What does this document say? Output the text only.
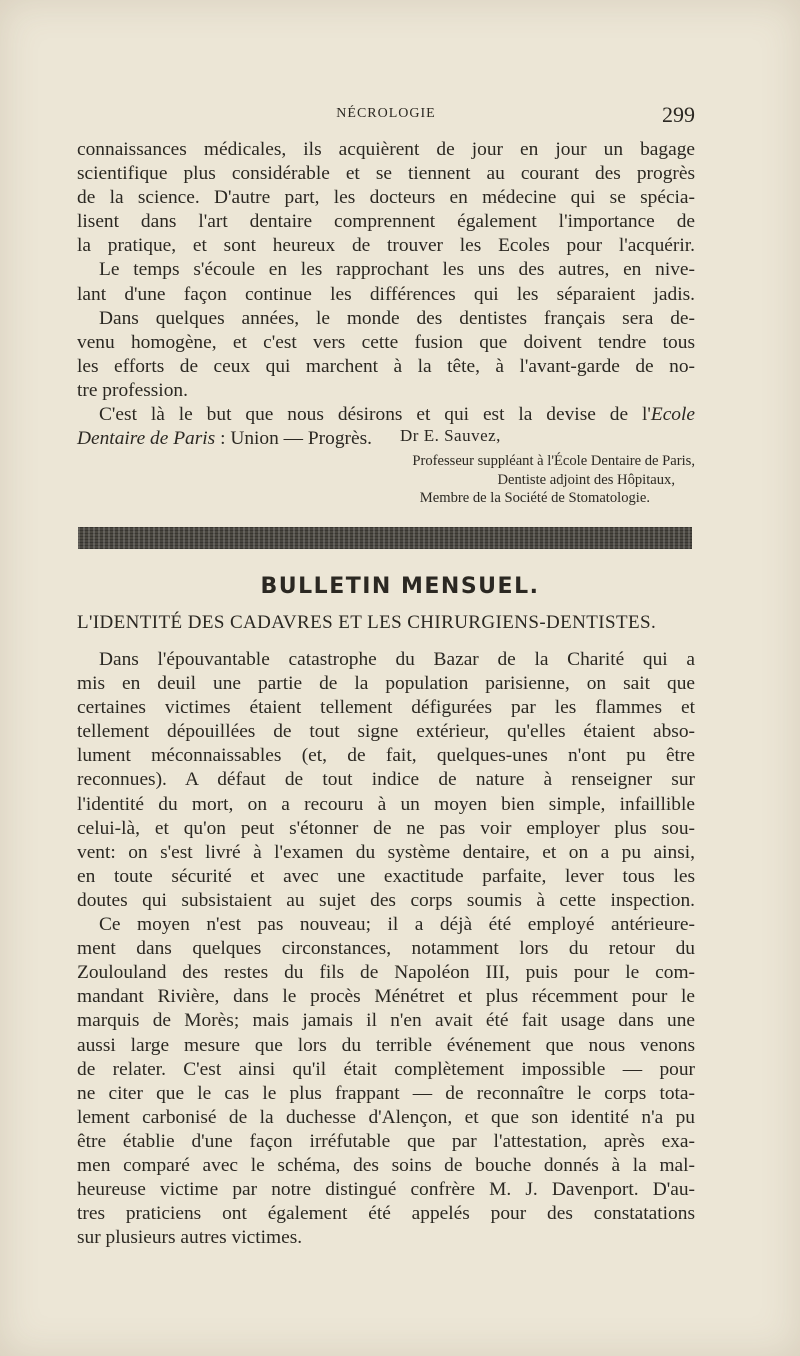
NÉCROLOGIE	299
connaissances médicales, ils acquièrent de jour en jour un bagage
scientifique plus considérable et se tiennent au courant des progrès
de la science. D'autre part, les docteurs en médecine qui se spécia-
lisent dans l'art dentaire comprennent également l'importance de
la pratique, et sont heureux de trouver les Ecoles pour l'acquérir.
Le temps s'écoule en les rapprochant les uns des autres, en nive-
lant d'une façon continue les différences qui les séparaient jadis.
Dans quelques années, le monde des dentistes français sera de-
venu homogène, et c'est vers cette fusion que doivent tendre tous
les efforts de ceux qui marchent à la tête, à l'avant-garde de no-
tre profession.
C'est là le but que nous désirons et qui est la devise de l'Ecole
Dentaire de Paris : Union — Progrès.	Dr E. Sauvez,
Professeur suppléant à l'École Dentaire de Paris,
Dentiste adjoint des Hôpitaux,
Membre de la Société de Stomatologie.
BULLETIN MENSUEL.
L'IDENTITÉ DES CADAVRES ET LES CHIRURGIENS-DENTISTES.
Dans l'épouvantable catastrophe du Bazar de la Charité qui a
mis en deuil une partie de la population parisienne, on sait que
certaines victimes étaient tellement défigurées par les flammes et
tellement dépouillées de tout signe extérieur, qu'elles étaient abso-
lument méconnaissables (et, de fait, quelques-unes n'ont pu être
reconnues). A défaut de tout indice de nature à renseigner sur
l'identité du mort, on a recouru à un moyen bien simple, infaillible
celui-là, et qu'on peut s'étonner de ne pas voir employer plus sou-
vent: on s'est livré à l'examen du système dentaire, et on a pu ainsi,
en toute sécurité et avec une exactitude parfaite, lever tous les
doutes qui subsistaient au sujet des corps soumis à cette inspection.
Ce moyen n'est pas nouveau; il a déjà été employé antérieure-
ment dans quelques circonstances, notamment lors du retour du
Zoulouland des restes du fils de Napoléon III, puis pour le com-
mandant Rivière, dans le procès Ménétret et plus récemment pour le
marquis de Morès; mais jamais il n'en avait été fait usage dans une
aussi large mesure que lors du terrible événement que nous venons
de relater. C'est ainsi qu'il était complètement impossible — pour
ne citer que le cas le plus frappant — de reconnaître le corps tota-
lement carbonisé de la duchesse d'Alençon, et que son identité n'a pu
être établie d'une façon irréfutable que par l'attestation, après exa-
men comparé avec le schéma, des soins de bouche donnés à la mal-
heureuse victime par notre distingué confrère M. J. Davenport. D'au-
tres praticiens ont également été appelés pour des constatations
sur plusieurs autres victimes.
